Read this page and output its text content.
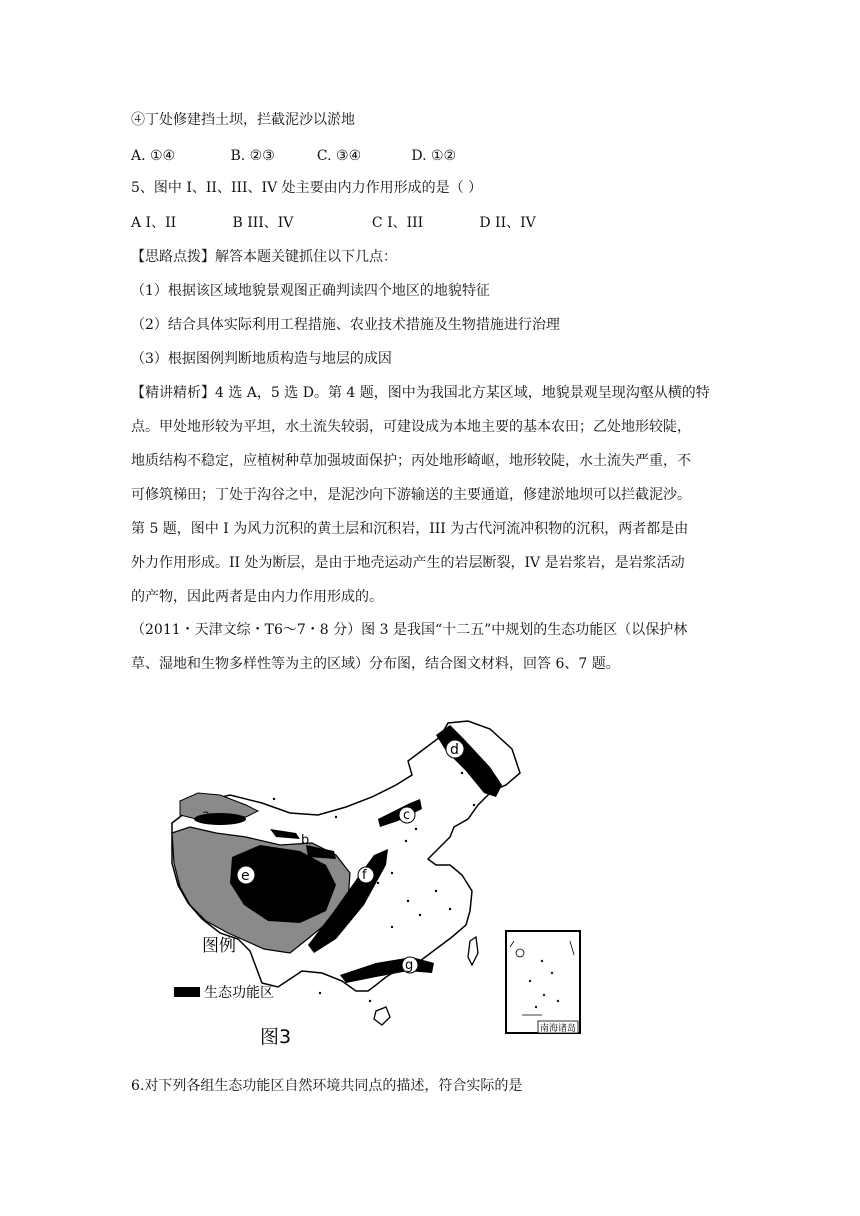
④丁处修建挡土坝，拦截泥沙以淤地
A. ①④	B. ②③	C. ③④	D. ①②
5、图中 I、II、III、IV 处主要由内力作用形成的是（ ）
A I、II	B III、IV	C I、III	D II、IV
【思路点拨】解答本题关键抓住以下几点：
（1）根据该区域地貌景观图正确判读四个地区的地貌特征
（2）结合具体实际利用工程措施、农业技术措施及生物措施进行治理
（3）根据图例判断地质构造与地层的成因
【精讲精析】4 选 A，5 选 D。第 4 题，图中为我国北方某区域，地貌景观呈现沟壑从横的特
点。甲处地形较为平坦，水土流失较弱，可建设成为本地主要的基本农田；乙处地形较陡，
地质结构不稳定，应植树种草加强坡面保护；丙处地形崎岖，地形较陡，水土流失严重，不
可修筑梯田；丁处于沟谷之中，是泥沙向下游输送的主要通道，修建淤地坝可以拦截泥沙。
第 5 题，图中 I 为风力沉积的黄土层和沉积岩，III 为古代河流冲积物的沉积，两者都是由
外力作用形成。II 处为断层，是由于地壳运动产生的岩层断裂，IV 是岩浆岩，是岩浆活动
的产物，因此两者是由内力作用形成的。
（2011・天津文综・T6～7・8 分）图 3 是我国“十二五”中规划的生态功能区（以保护林
草、湿地和生物多样性等为主的区域）分布图，结合图文材料，回答 6、7 题。
a
b
c
d
e	f
g
图例
生态功能区
图3	南海诸岛
6.对下列各组生态功能区自然环境共同点的描述，符合实际的是
